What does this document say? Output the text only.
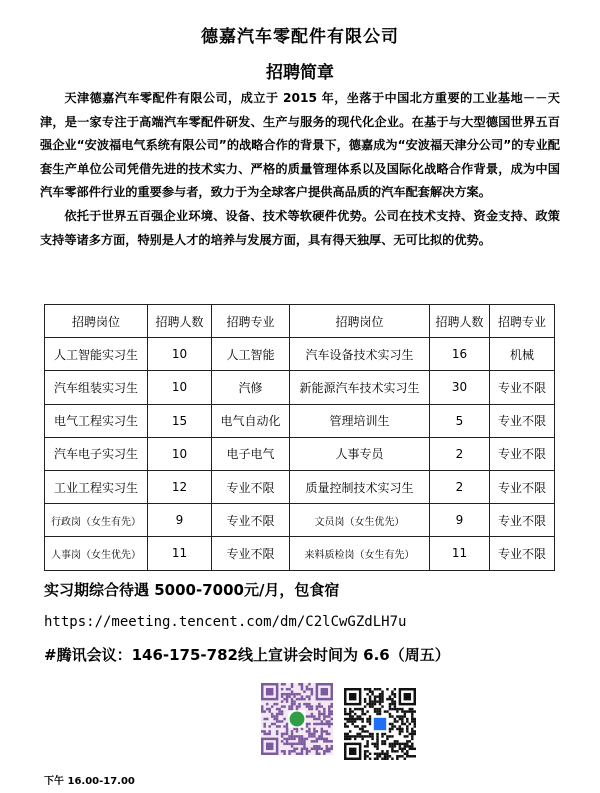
德嘉汽车零配件有限公司
招聘简章

天津德嘉汽车零配件有限公司，成立于 2015 年，坐落于中国北方重要的工业基地－－天津，是一家专注于高端汽车零配件研发、生产与服务的现代化企业。在基于与大型德国世界五百强企业“安波福电气系统有限公司”的战略合作的背景下，德嘉成为“安波福天津分公司”的专业配套生产单位公司凭借先进的技术实力、严格的质量管理体系以及国际化战略合作背景，成为中国汽车零部件行业的重要参与者，致力于为全球客户提供高品质的汽车配套解决方案。

依托于世界五百强企业环境、设备、技术等软硬件优势。公司在技术支持、资金支持、政策支持等诸多方面，特别是人才的培养与发展方面，具有得天独厚、无可比拟的优势。

招聘岗位	招聘人数	招聘专业	招聘岗位	招聘人数	招聘专业
人工智能实习生	10	人工智能	汽车设备技术实习生	16	机械
汽车组装实习生	10	汽修	新能源汽车技术实习生	30	专业不限
电气工程实习生	15	电气自动化	管理培训生	5	专业不限
汽车电子实习生	10	电子电气	人事专员	2	专业不限
工业工程实习生	12	专业不限	质量控制技术实习生	2	专业不限
行政岗（女生有先）	9	专业不限	文员岗（女生优先）	9	专业不限
人事岗（女生优先）	11	专业不限	来料质检岗（女生有先）	11	专业不限
实习期综合待遇 5000-7000元/月，包食宿
https://meeting.tencent.com/dm/C2lCwGZdLH7u
#腾讯会议：146-175-782线上宣讲会时间为 6.6（周五）
下午 16.00-17.00
